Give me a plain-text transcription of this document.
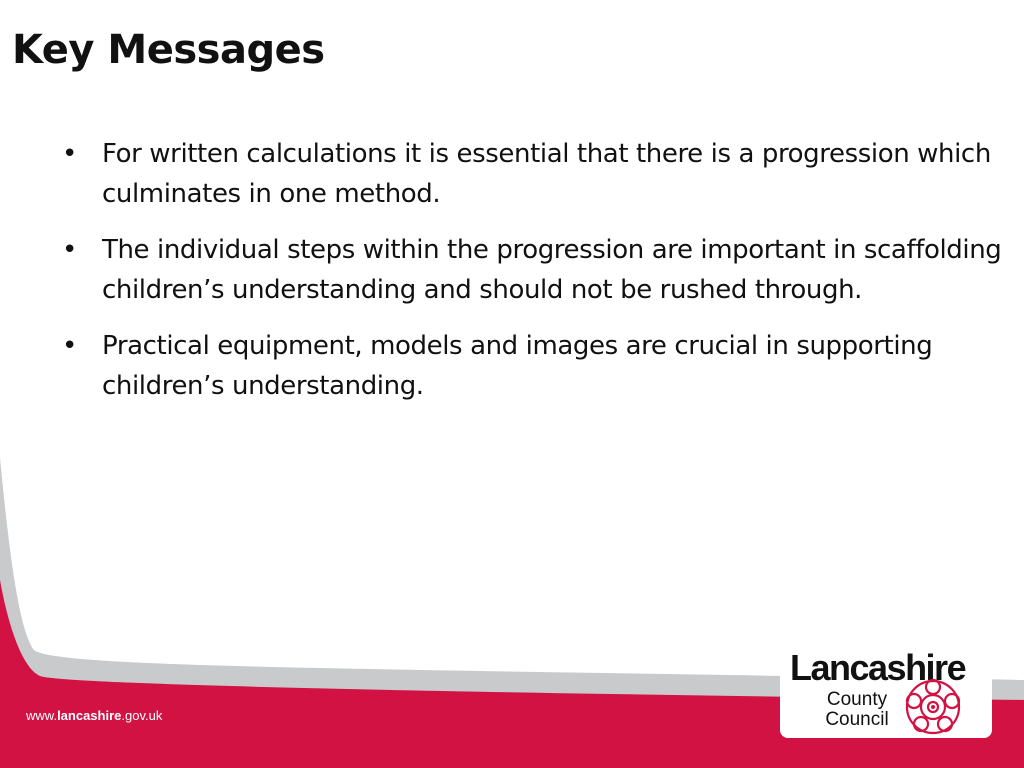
Key Messages
• For written calculations it is essential that there is a progression which culminates in one method.
• The individual steps within the progression are important in scaffolding children’s understanding and should not be rushed through.
• Practical equipment, models and images are crucial in supporting children’s understanding.
www.lancashire.gov.uk
Lancashire
County
Council
